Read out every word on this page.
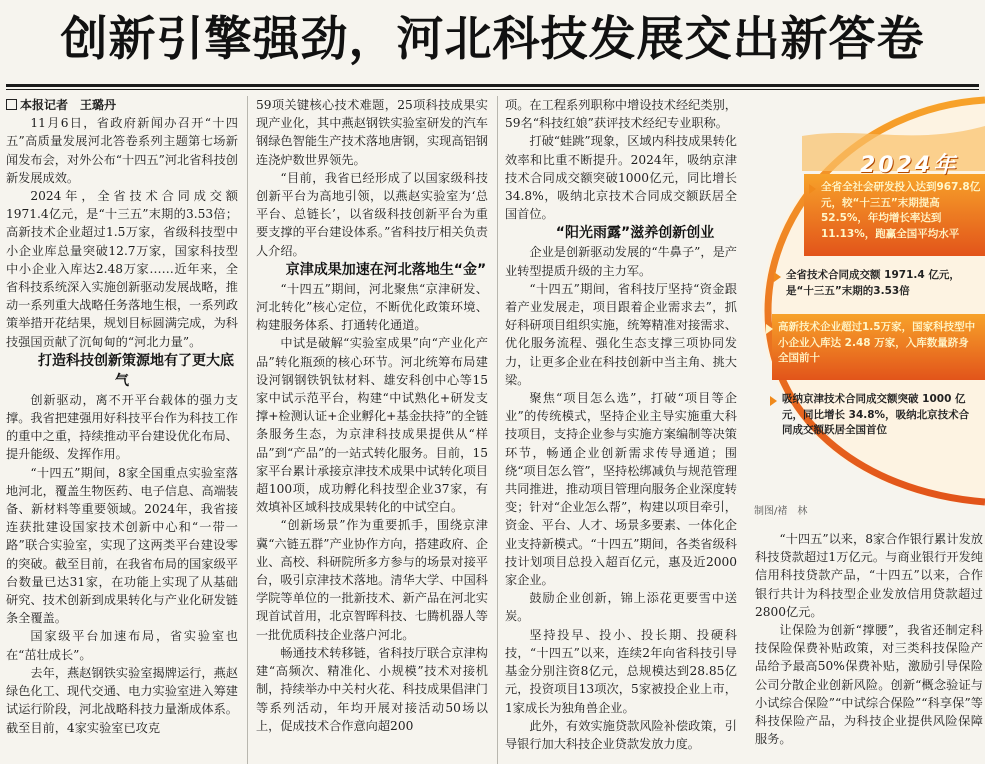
创新引擎强劲，河北科技发展交出新答卷

本报记者　王璐丹

11月6日，省政府新闻办召开“十四五”高质量发展河北答卷系列主题第七场新闻发布会，对外公布“十四五”河北省科技创新发展成效。

2024年，全省技术合同成交额1971.4亿元，是“十三五”末期的3.53倍；高新技术企业超过1.5万家，省级科技型中小企业库总量突破12.7万家，国家科技型中小企业入库达2.48万家……近年来，全省科技系统深入实施创新驱动发展战略，推动一系列重大战略任务落地生根，一系列政策举措开花结果，规划目标圆满完成，为科技强国贡献了沉甸甸的“河北力量”。

打造科技创新策源地有了更大底气

创新驱动，离不开平台载体的强力支撑。我省把建强用好科技平台作为科技工作的重中之重，持续推动平台建设优化布局、提升能级、发挥作用。

“十四五”期间，8家全国重点实验室落地河北，覆盖生物医药、电子信息、高端装备、新材料等重要领域。2024年，我省接连获批建设国家技术创新中心和“一带一路”联合实验室，实现了这两类平台建设零的突破。截至目前，在我省布局的国家级平台数量已达31家，在功能上实现了从基础研究、技术创新到成果转化与产业化研发链条全覆盖。

国家级平台加速布局，省实验室也在“茁壮成长”。

去年，燕赵钢铁实验室揭牌运行，燕赵绿色化工、现代交通、电力实验室进入筹建试运行阶段，河北战略科技力量渐成体系。截至目前，4家实验室已攻克

59项关键核心技术难题，25项科技成果实现产业化，其中燕赵钢铁实验室研发的汽车钢绿色智能生产技术落地唐钢，实现高铝钢连浇炉数世界领先。

“目前，我省已经形成了以国家级科技创新平台为高地引领，以燕赵实验室为‘总平台、总链长’，以省级科技创新平台为重要支撑的平台建设体系。”省科技厅相关负责人介绍。

京津成果加速在河北落地生“金”

“十四五”期间，河北聚焦“京津研发、河北转化”核心定位，不断优化政策环境、构建服务体系、打通转化通道。

中试是破解“实验室成果”向“产业化产品”转化瓶颈的核心环节。河北统筹布局建设河钢钢铁钒钛材料、雄安科创中心等15家中试示范平台，构建“中试熟化+研发支撑+检测认证+企业孵化+基金扶持”的全链条服务生态，为京津科技成果提供从“样品”到“产品”的一站式转化服务。目前，15家平台累计承接京津技术成果中试转化项目超100项，成功孵化科技型企业37家，有效填补区域科技成果转化的中试空白。

“创新场景”作为重要抓手，围绕京津冀“六链五群”产业协作方向，搭建政府、企业、高校、科研院所多方参与的场景对接平台，吸引京津技术落地。清华大学、中国科学院等单位的一批新技术、新产品在河北实现首试首用，北京智晖科技、七腾机器人等一批优质科技企业落户河北。

畅通技术转移链，省科技厅联合京津构建“高频次、精准化、小规模”技术对接机制，持续举办中关村火花、科技成果倡津门等系列活动，年均开展对接活动50场以上，促成技术合作意向超200

项。在工程系列职称中增设技术经纪类别，59名“科技红娘”获评技术经纪专业职称。

打破“蛙跳”现象，区域内科技成果转化效率和比重不断提升。2024年，吸纳京津技术合同成交额突破1000亿元，同比增长34.8%，吸纳北京技术合同成交额跃居全国首位。

“阳光雨露”滋养创新创业

企业是创新驱动发展的“牛鼻子”，是产业转型提质升级的主力军。

“十四五”期间，省科技厅坚持“资金跟着产业发展走，项目跟着企业需求去”，抓好科研项目组织实施，统筹精准对接需求、优化服务流程、强化生态支撑三项协同发力，让更多企业在科技创新中当主角、挑大梁。

聚焦“项目怎么选”，打破“项目等企业”的传统模式，坚持企业主导实施重大科技项目，支持企业参与实施方案编制等决策环节，畅通企业创新需求传导通道；围绕“项目怎么管”，坚持松绑减负与规范管理共同推进，推动项目管理向服务企业深度转变；针对“企业怎么帮”，构建以项目牵引，资金、平台、人才、场景多要素、一体化企业支持新模式。“十四五”期间，各类省级科技计划项目总投入超百亿元，惠及近2000家企业。

鼓励企业创新，锦上添花更要雪中送炭。

坚持投早、投小、投长期、投硬科技，“十四五”以来，连续2年向省科技引导基金分别注资8亿元，总规模达到28.85亿元，投资项目13项次，5家被投企业上市，1家成长为独角兽企业。

此外，有效实施贷款风险补偿政策，引导银行加大科技企业贷款发放力度。

2024年
全省全社会研发投入达到967.8亿元，较“十三五”末期提高52.5%，年均增长率达到11.13%，跑赢全国平均水平
全省技术合同成交额 1971.4 亿元，是“十三五”末期的3.53倍
高新技术企业超过1.5万家，国家科技型中小企业入库达 2.48 万家，入库数量跻身全国前十
吸纳京津技术合同成交额突破 1000 亿元，同比增长 34.8%，吸纳北京技术合同成交额跃居全国首位
制图/褚　林

“十四五”以来，8家合作银行累计发放科技贷款超过1万亿元。与商业银行开发纯信用科技贷款产品，“十四五”以来，合作银行共计为科技型企业发放信用贷款超过2800亿元。

让保险为创新“撑腰”，我省还制定科技保险保费补贴政策，对三类科技保险产品给予最高50%保费补贴，激励引导保险公司分散企业创新风险。创新“概念验证与小试综合保险”“中试综合保险”“科享保”等科技保险产品，为科技企业提供风险保障服务。
